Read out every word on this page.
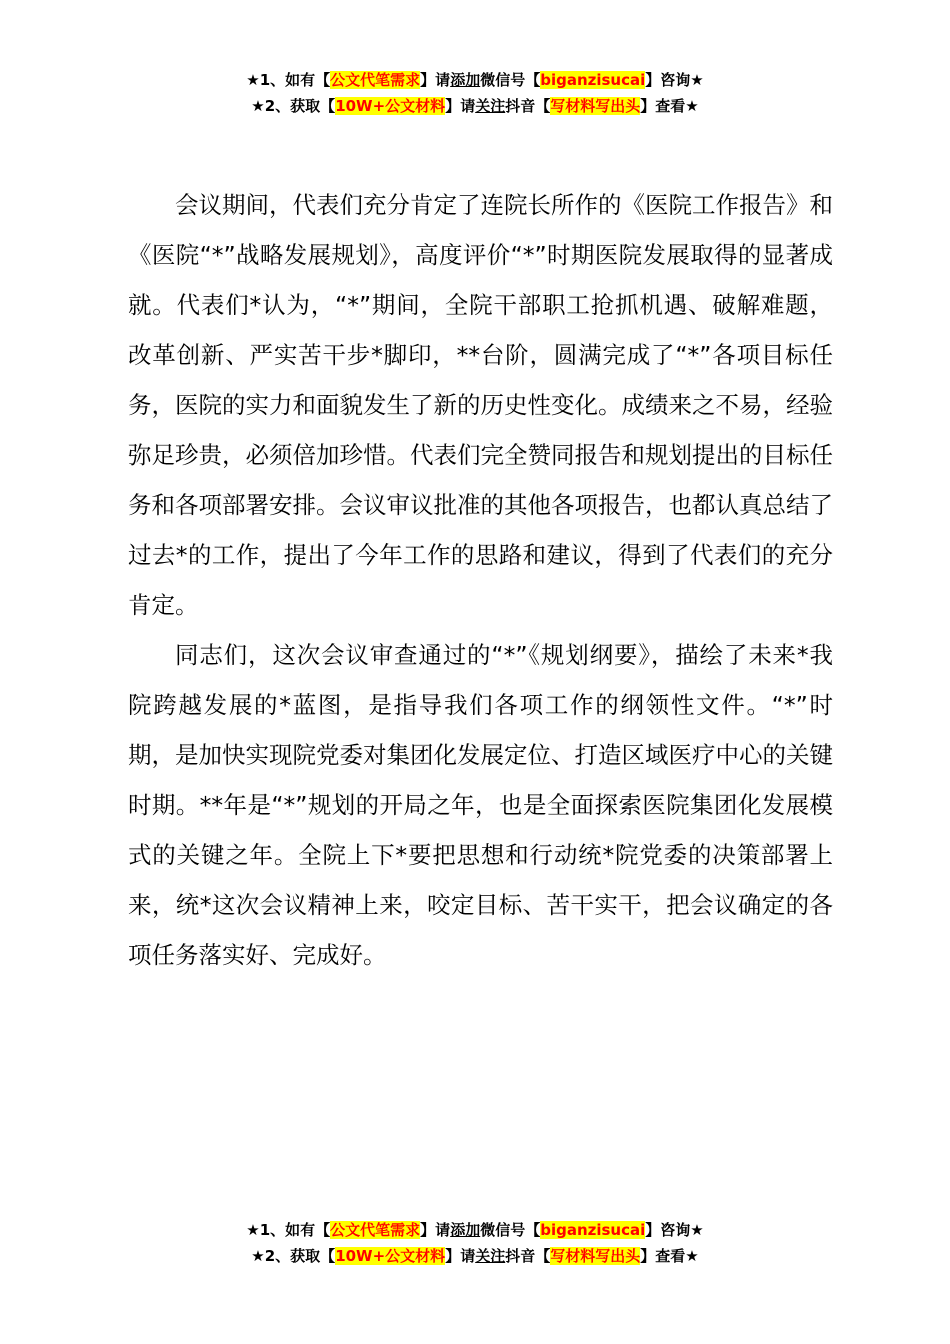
★1、如有【公文代笔需求】请添加微信号【biganzisucai】咨询★
★2、获取【10W+公文材料】请关注抖音【写材料写出头】查看★

会议期间，代表们充分肯定了连院长所作的《医院工作报告》和《医院“*”战略发展规划》，高度评价“*”时期医院发展取得的显著成就。代表们*认为，“*”期间，全院干部职工抢抓机遇、破解难题，改革创新、严实苦干步*脚印，**台阶，圆满完成了“*”各项目标任务，医院的实力和面貌发生了新的历史性变化。成绩来之不易，经验弥足珍贵，必须倍加珍惜。代表们完全赞同报告和规划提出的目标任务和各项部署安排。会议审议批准的其他各项报告，也都认真总结了过去*的工作，提出了今年工作的思路和建议，得到了代表们的充分肯定。

同志们，这次会议审查通过的“*”《规划纲要》，描绘了未来*我院跨越发展的*蓝图，是指导我们各项工作的纲领性文件。“*”时期，是加快实现院党委对集团化发展定位、打造区域医疗中心的关键时期。**年是“*”规划的开局之年，也是全面探索医院集团化发展模式的关键之年。全院上下*要把思想和行动统*院党委的决策部署上来，统*这次会议精神上来，咬定目标、苦干实干，把会议确定的各项任务落实好、完成好。

★1、如有【公文代笔需求】请添加微信号【biganzisucai】咨询★
★2、获取【10W+公文材料】请关注抖音【写材料写出头】查看★
